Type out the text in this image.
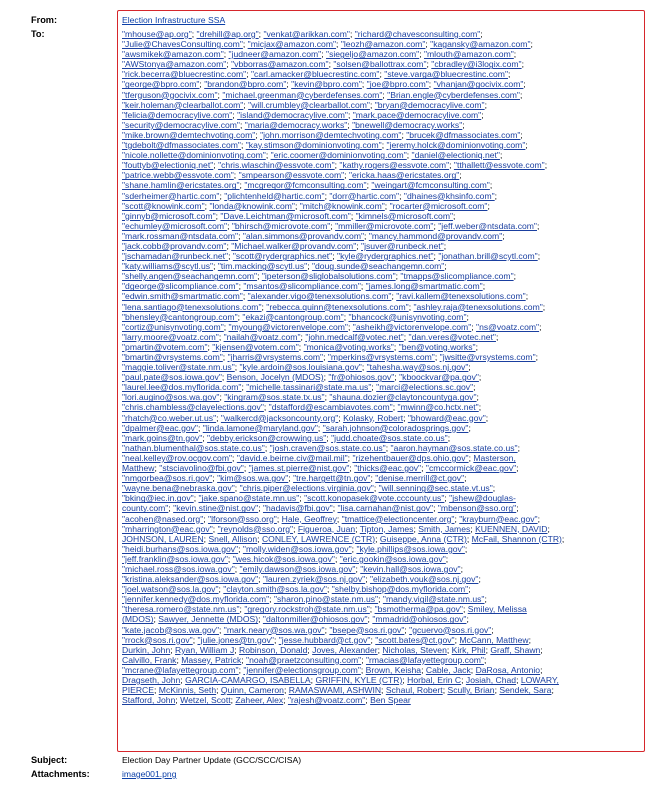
From:	Election Infrastructure SSA
To:	"mhouse@ap.org"; "drehill@ap.org"; "venkat@arikkan.com"; "richard@chavesconsulting.com";
"Julie@ChavesConsulting.com"; "micjax@amazon.com"; "leozh@amazon.com"; "kagansky@amazon.com";
"awsmikek@amazon.com"; "judneer@amazon.com"; "siegeljo@amazon.com"; "mlouth@amazon.com";
"AWStonya@amazon.com"; "vbborras@amazon.com"; "solsen@ballottrax.com"; "cbradley@i3logix.com";
"rick.becerra@bluecrestinc.com"; "carl.amacker@bluecrestinc.com"; "steve.varga@bluecrestinc.com";
"george@bpro.com"; "brandon@bpro.com"; "kevin@bpro.com"; "joe@bpro.com"; "vhanjan@gocivix.com";
"tferguson@gocivix.com"; "michael.greenman@cyberdefenses.com"; "Brian.engle@cyberdefenses.com";
"keir.holeman@clearballot.com"; "will.crumbley@clearballot.com"; "bryan@democracylive.com";
"felicia@democracylive.com"; "island@democracylive.com"; "mark.pace@democracylive.com";
"security@democracylive.com"; "maria@democracy.works"; "bnewell@democracy.works";
"mike.brown@demtechvoting.com"; "john.morrison@demtechvoting.com"; "brucek@dfmassociates.com";
"tgdebolt@dfmassociates.com"; "kay.stimson@dominionvoting.com"; "jeremy.holck@dominionvoting.com";
"nicole.nollette@dominionvoting.com"; "eric.coomer@dominionvoting.com"; "daniel@electioniq.net";
"fouttyb@electioniq.net"; "chris.wlaschin@essvote.com"; "kathy.rogers@essvote.com"; "tthallett@essvote.com";
"patrice.webb@essvote.com"; "smpearson@essvote.com"; "ericka.haas@ericstates.org";
"shane.hamlin@ericstates.org"; "mcgreqor@fcmconsulting.com"; "weingart@fcmconsulting.com";
"sderheimer@hartic.com"; "plichtenheld@hartic.com"; "dorr@hartic.com"; "dhaines@khsinfo.com";
"scott@knowink.com"; "londa@knowink.com"; "mitch@knowink.com"; "rocarter@microsoft.com";
"ginnyb@microsoft.com"; "Dave.Leichtman@microsoft.com"; "kimnels@microsoft.com";
"echumley@microsoft.com"; "bhirsch@microvote.com"; "mmiller@microvote.com"; "jeff.weber@ntsdata.com";
"mark.rossman@ntsdata.com"; "alan.simmons@provandv.com"; "mancy.hammond@provandv.com";
"jack.cobb@provandv.com"; "Michael.walker@provandv.com"; "jsuver@runbeck.net";
"jschamadan@runbeck.net"; "scott@rydergraphics.net"; "kyle@rydergraphics.net"; "jonathan.brill@scytl.com";
"katy.williams@scytl.us"; "tim.macking@scytl.us"; "doug.sunde@seachangemn.com";
"shelly.angen@seachangemn.com"; "ipeterson@sliglobalsolutions.com"; "tmapps@slicompliance.com";
"dgeorge@slicompliance.com"; "msantos@slicompliance.com"; "james.long@smartmatic.com";
"edwin.smith@smartmatic.com"; "alexander.vigo@tenexsolutions.com"; "ravi.kallem@tenexsolutions.com";
"lena.santiago@tenexsolutions.com"; "rebecca.quinn@tenexsolutions.com"; "ashley.raja@tenexsolutions.com";
"bhensley@cantongroup.com"; "ekazi@cantongroup.com"; "bhancock@unisynvoting.com";
"cortiz@unisynvoting.com"; "myoung@victorenvelope.com"; "asheikh@victorenvelope.com"; "ns@voatz.com";
"larry.moore@voatz.com"; "nailah@voatz.com"; "john.medcalf@votec.net"; "dan.veres@votec.net";
"pmartin@votem.com"; "kjensen@votem.com"; "monica@voting.works"; "ben@voting.works";
"bmartin@vrsystems.com"; "jharris@vrsystems.com"; "mperkins@vrsystems.com"; "jwsitte@vrsystems.com";
"maggie.toliver@state.nm.us"; "kyle.ardoin@sos.louisiana.gov"; "tahesha.way@sos.nj.gov";
"paul.pate@sos.iowa.gov"; Benson, Jocelyn (MDOS); "fr@ohiosos.gov"; "kboockvar@pa.gov";
"laurel.lee@dos.myflorida.com"; "michelle.tassinari@state.ma.us"; "marci@elections.sc.gov";
"lori.augino@sos.wa.gov"; "kingram@sos.state.tx.us"; "shauna.dozier@claytoncountyga.gov";
"chris.chambless@clayelections.gov"; "dstafford@escambiavotes.com"; "mwinn@co.hctx.net";
"rhatch@co.weber.ut.us"; "walkercd@jacksoncounty.org"; Kolasky, Robert; "bhoward@eac.gov";
"dpalmer@eac.gov"; "linda.lamone@maryland.gov"; "sarah.johnson@coloradosprings.gov";
"mark.goins@tn.gov"; "debby.erickson@crowwing.us"; "judd.choate@sos.state.co.us";
"nathan.blumenthal@sos.state.co.us"; "josh.craven@sos.state.co.us"; "aaron.hayman@sos.state.co.us";
"neal.kelley@rov.ocgov.com"; "david.e.beirne.civ@mail.mil"; "rizehentbauer@dps.ohio.gov"; Masterson,
Matthew; "stsciavolino@fbi.gov"; "james.st.pierre@nist.gov"; "thicks@eac.gov"; "cmccormick@eac.gov";
"nmgorbea@sos.ri.gov"; "kim@sos.wa.gov"; "tre.hargett@tn.gov"; "denise.merrill@ct.gov";
"wayne.bena@nebraska.gov"; "chris.piper@elections.virginia.gov"; "will.senning@sec.state.vt.us";
"bking@iec.in.gov"; "jake.spano@state.mn.us"; "scott.konopasek@vote.cccounty.us"; "jshew@douglas-
county.com"; "kevin.stine@nist.gov"; "hadavis@fbi.gov"; "lisa.carnahan@nist.gov"; "mbenson@sso.org";
"acohen@nased.org"; "lforson@sso.org"; Hale, Geoffrey; "tmattice@electioncenter.org"; "krayburn@eac.gov";
"mharrington@eac.gov"; "reynolds@sso.org"; Figueroa, Juan; Tipton, James; Smith, James; KUENNEN, DAVID;
JOHNSON, LAUREN; Snell, Allison; CONLEY, LAWRENCE (CTR); Guiseppe, Anna (CTR); McFail, Shannon (CTR);
"heidi.burhans@sos.iowa.gov"; "molly.widen@sos.iowa.gov"; "kyle.phillips@sos.iowa.gov";
"jeff.franklin@sos.iowa.gov"; "wes.hicok@sos.iowa.gov"; "eric.gookin@sos.iowa.gov";
"michael.ross@sos.iowa.gov"; "emily.dawson@sos.iowa.gov"; "kevin.hall@sos.iowa.gov";
"kristina.aleksander@sos.iowa.gov"; "lauren.zyriek@sos.nj.gov"; "elizabeth.vouk@sos.nj.gov";
"joel.watson@sos.la.gov"; "clayton.smith@sos.la.gov"; "shelby.bishop@dos.myflorida.com";
"jennifer.kennedy@dos.myflorida.com"; "sharon.pino@state.nm.us"; "mandy.vigil@state.nm.us";
"theresa.romero@state.nm.us"; "gregory.rockstroh@state.nm.us"; "bsmotherma@pa.gov"; Smiley, Melissa
(MDOS); Sawyer, Jennette (MDOS); "daltonmiller@ohiosos.gov"; "mmadrid@ohiosos.gov";
"kate.jacob@sos.wa.gov"; "mark.neary@sos.wa.gov"; "bsepe@sos.ri.gov"; "gcuervo@sos.ri.gov";
"rrock@sos.ri.gov"; "julie.jones@tn.gov"; "jesse.hubbard@ct.gov"; "scott.bates@ct.gov"; McCann, Matthew;
Durkin, John; Ryan, William J; Robinson, Donald; Joves, Alexander; Nicholas, Steven; Kirk, Phil; Graff, Shawn;
Calvillo, Frank; Massey, Patrick; "noah@praetzconsulting.com"; "rmacias@lafayettegroup.com";
"mcrane@lafayettegroup.com"; "jennifer@electionsgroup.com"; Brown, Keisha; Cable, Jack; DaRosa, Antonio;
Dragseth, John; GARCIA-CAMARGO, ISABELLA; GRIFFIN, KYLE (CTR); Horbal, Erin C; Josiah, Chad; LOWARY,
PIERCE; McKinnis, Seth; Quinn, Cameron; RAMASWAMI, ASHWIN; Schaul, Robert; Scully, Brian; Sendek, Sara;
Stafford, John; Wetzel, Scott; Zaheer, Alex; "rajesh@voatz.com"; Ben Spear
Subject:	Election Day Partner Update (GCC/SCC/CISA)
Attachments:	image001.png
